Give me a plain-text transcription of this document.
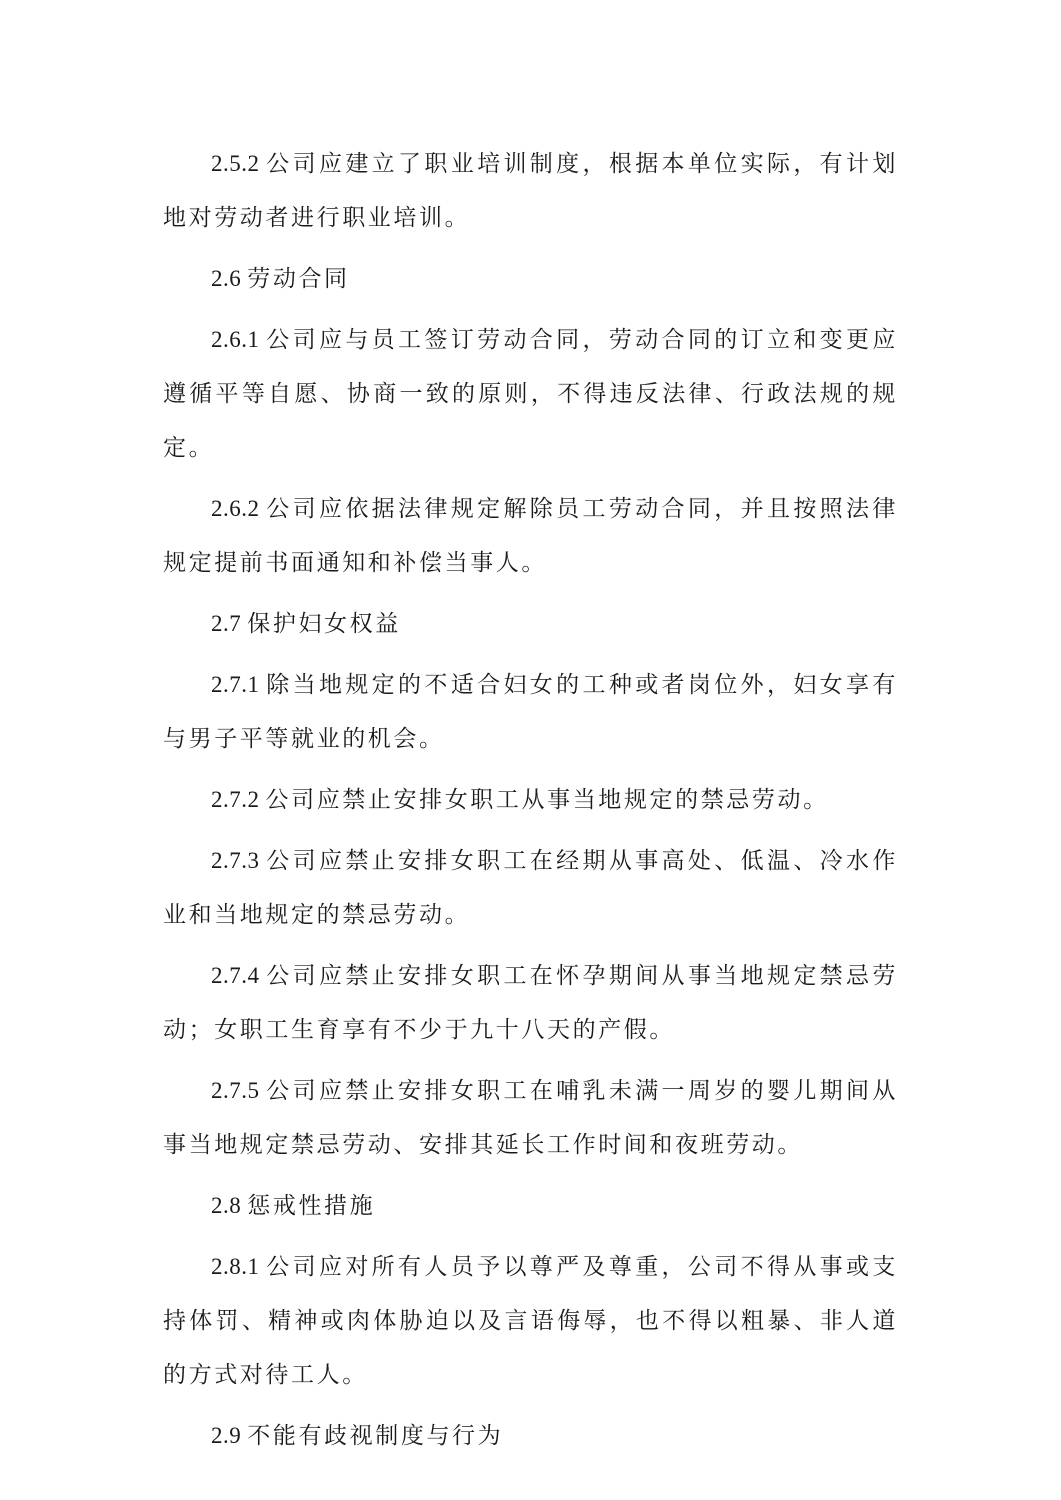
2.5.2 公司应建立了职业培训制度，根据本单位实际，有计划地对劳动者进行职业培训。

2.6 劳动合同

2.6.1 公司应与员工签订劳动合同，劳动合同的订立和变更应遵循平等自愿、协商一致的原则，不得违反法律、行政法规的规定。

2.6.2 公司应依据法律规定解除员工劳动合同，并且按照法律规定提前书面通知和补偿当事人。

2.7 保护妇女权益

2.7.1 除当地规定的不适合妇女的工种或者岗位外，妇女享有与男子平等就业的机会。

2.7.2 公司应禁止安排女职工从事当地规定的禁忌劳动。

2.7.3 公司应禁止安排女职工在经期从事高处、低温、冷水作业和当地规定的禁忌劳动。

2.7.4 公司应禁止安排女职工在怀孕期间从事当地规定禁忌劳动；女职工生育享有不少于九十八天的产假。

2.7.5 公司应禁止安排女职工在哺乳未满一周岁的婴儿期间从事当地规定禁忌劳动、安排其延长工作时间和夜班劳动。

2.8 惩戒性措施

2.8.1 公司应对所有人员予以尊严及尊重，公司不得从事或支持体罚、精神或肉体胁迫以及言语侮辱，也不得以粗暴、非人道的方式对待工人。

2.9 不能有歧视制度与行为
